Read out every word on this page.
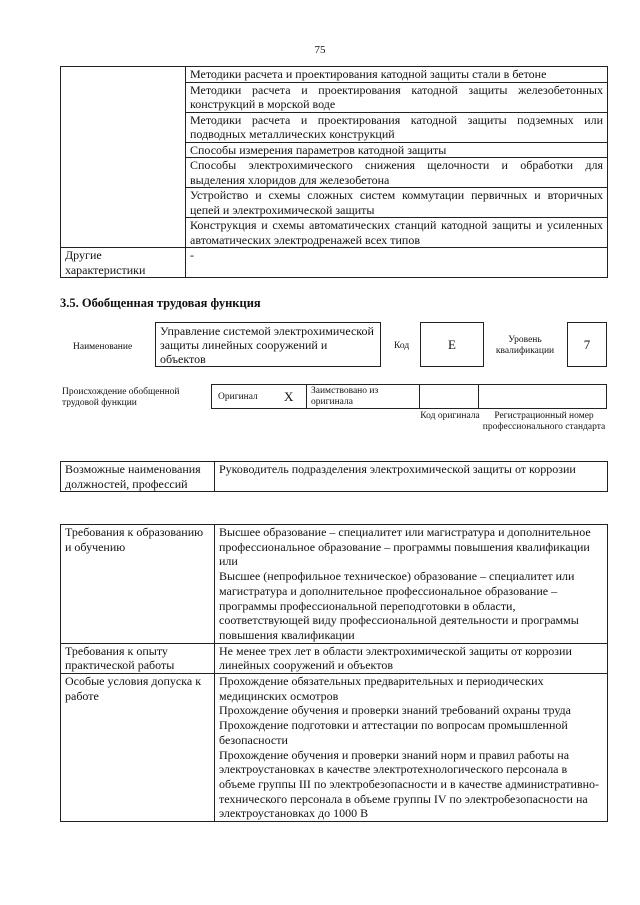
75
	Методики расчета и проектирования катодной защиты стали в бетоне
	Методики расчета и проектирования катодной защиты железобетонных конструкций в морской воде
	Методики расчета и проектирования катодной защиты подземных или подводных металлических конструкций
	Способы измерения параметров катодной защиты
	Способы электрохимического снижения щелочности и обработки для выделения хлоридов для железобетона
	Устройство и схемы сложных систем коммутации первичных и вторичных цепей и электрохимической защиты
	Конструкция и схемы автоматических станций катодной защиты и усиленных автоматических электродренажей всех типов
Другие характеристики	-
3.5. Обобщенная трудовая функция
Наименование
Управление системой электрохимической защиты линейных сооружений и объектов
Код	E	Уровень квалификации	7
Происхождение обобщенной трудовой функции
Оригинал X Заимствовано из оригинала
Код оригинала	Регистрационный номер профессионального стандарта
Возможные наименования должностей, профессий	Руководитель подразделения электрохимической защиты от коррозии
Требования к образованию и обучению	Высшее образование – специалитет или магистратура и дополнительное профессиональное образование – программы повышения квалификации
или
Высшее (непрофильное техническое) образование – специалитет или магистратура и дополнительное профессиональное образование – программы профессиональной переподготовки в области, соответствующей виду профессиональной деятельности и программы повышения квалификации

Требования к опыту практической работы	Не менее трех лет в области электрохимической защиты от коррозии линейных сооружений и объектов

Особые условия допуска к работе	Прохождение обязательных предварительных и периодических медицинских осмотров
Прохождение обучения и проверки знаний требований охраны труда
Прохождение подготовки и аттестации по вопросам промышленной безопасности
Прохождение обучения и проверки знаний норм и правил работы на электроустановках в качестве электротехнологического персонала в объеме группы III по электробезопасности и в качестве административно-технического персонала в объеме группы IV по электробезопасности на электроустановках до 1000 В
